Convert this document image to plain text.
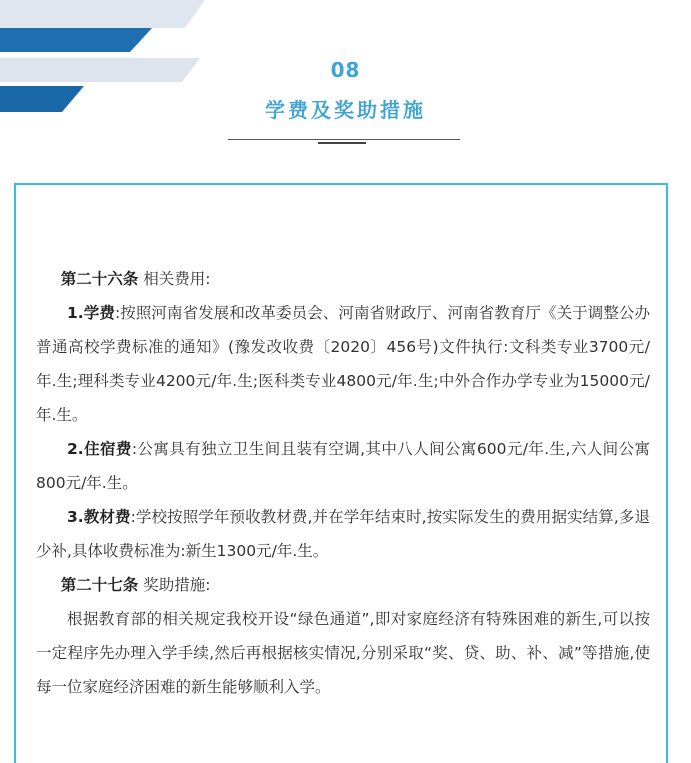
08
学费及奖助措施

第二十六条 相关费用:

1.学费:按照河南省发展和改革委员会、河南省财政厅、河南省教育厅《关于调整公办普通高校学费标准的通知》(豫发改收费〔2020〕456号)文件执行:文科类专业3700元/年.生;理科类专业4200元/年.生;医科类专业4800元/年.生;中外合作办学专业为15000元/年.生。

2.住宿费:公寓具有独立卫生间且装有空调,其中八人间公寓600元/年.生,六人间公寓800元/年.生。

3.教材费:学校按照学年预收教材费,并在学年结束时,按实际发生的费用据实结算,多退少补,具体收费标准为:新生1300元/年.生。

第二十七条 奖助措施:

根据教育部的相关规定我校开设“绿色通道”,即对家庭经济有特殊困难的新生,可以按一定程序先办理入学手续,然后再根据核实情况,分别采取“奖、贷、助、补、减”等措施,使每一位家庭经济困难的新生能够顺利入学。
